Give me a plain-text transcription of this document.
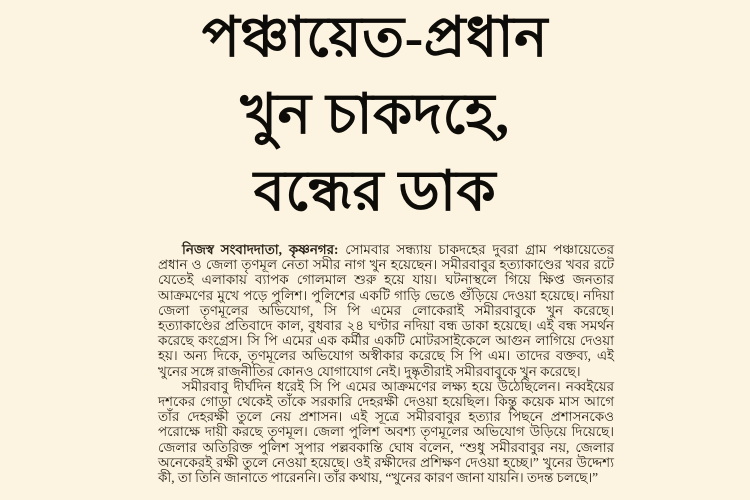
পঞ্চায়েত-প্রধান
খুন চাকদহে,
বন্ধের ডাক

নিজস্ব সংবাদদাতা, কৃষ্ণনগর: সোমবার সন্ধ্যায় চাকদহের দুবরা গ্রাম পঞ্চায়েতের প্রধান ও জেলা তৃণমূল নেতা সমীর নাগ খুন হয়েছেন। সমীরবাবুর হত্যাকাণ্ডের খবর রটে যেতেই এলাকায় ব্যাপক গোলমাল শুরু হয়ে যায়। ঘটনাস্থলে গিয়ে ক্ষিপ্ত জনতার আক্রমণের মুখে পড়ে পুলিশ। পুলিশের একটি গাড়ি ভেঙে গুঁড়িয়ে দেওয়া হয়েছে। নদিয়া জেলা তৃণমূলের অভিযোগ, সি পি এমের লোকেরাই সমীরবাবুকে খুন করেছে। হত্যাকাণ্ডের প্রতিবাদে কাল, বুধবার ২৪ ঘণ্টার নদিয়া বন্ধ ডাকা হয়েছে। এই বন্ধ সমর্থন করেছে কংগ্রেস। সি পি এমের এক কর্মীর একটি মোটরসাইকেলে আগুন লাগিয়ে দেওয়া হয়। অন্য দিকে, তৃণমূলের অভিযোগ অস্বীকার করেছে সি পি এম। তাদের বক্তব্য, এই খুনের সঙ্গে রাজনীতির কোনও যোগাযোগ নেই। দুষ্কৃতীরাই সমীরবাবুকে খুন করেছে।

সমীরবাবু দীর্ঘদিন ধরেই সি পি এমের আক্রমণের লক্ষ্য হয়ে উঠেছিলেন। নব্বইয়ের দশকের গোড়া থেকেই তাঁকে সরকারি দেহরক্ষী দেওয়া হয়েছিল। কিন্তু কয়েক মাস আগে তাঁর দেহরক্ষী তুলে নেয় প্রশাসন। এই সূত্রে সমীরবাবুর হত্যার পিছনে প্রশাসনকেও পরোক্ষে দায়ী করছে তৃণমূল। জেলা পুলিশ অবশ্য তৃণমূলের অভিযোগ উড়িয়ে দিয়েছে। জেলার অতিরিক্ত পুলিশ সুপার পল্লবকান্তি ঘোষ বলেন, “শুধু সমীরবাবুর নয়, জেলার অনেকেরই রক্ষী তুলে নেওয়া হয়েছে। ওই রক্ষীদের প্রশিক্ষণ দেওয়া হচ্ছে।” খুনের উদ্দেশ্য কী, তা তিনি জানাতে পারেননি। তাঁর কথায়, “খুনের কারণ জানা যায়নি। তদন্ত চলছে।”
